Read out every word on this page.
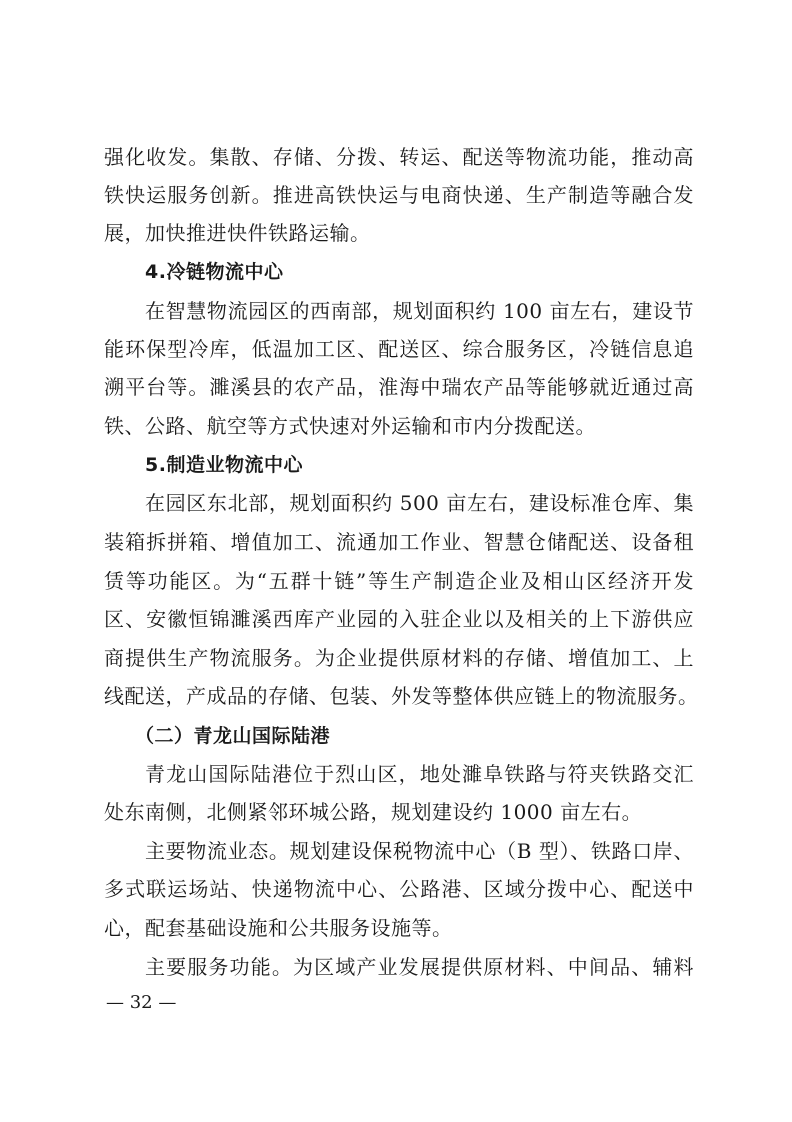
强化收发。集散、存储、分拨、转运、配送等物流功能，推动高
铁快运服务创新。推进高铁快运与电商快递、生产制造等融合发
展，加快推进快件铁路运输。
4.冷链物流中心
在智慧物流园区的西南部，规划面积约 100 亩左右，建设节
能环保型冷库，低温加工区、配送区、综合服务区，冷链信息追
溯平台等。濉溪县的农产品，淮海中瑞农产品等能够就近通过高
铁、公路、航空等方式快速对外运输和市内分拨配送。
5.制造业物流中心
在园区东北部，规划面积约 500 亩左右，建设标准仓库、集
装箱拆拼箱、增值加工、流通加工作业、智慧仓储配送、设备租
赁等功能区。为“五群十链”等生产制造企业及相山区经济开发
区、安徽恒锦濉溪西库产业园的入驻企业以及相关的上下游供应
商提供生产物流服务。为企业提供原材料的存储、增值加工、上
线配送，产成品的存储、包装、外发等整体供应链上的物流服务。
（二）青龙山国际陆港
青龙山国际陆港位于烈山区，地处濉阜铁路与符夹铁路交汇
处东南侧，北侧紧邻环城公路，规划建设约 1000 亩左右。
主要物流业态。规划建设保税物流中心（B 型）、铁路口岸、
多式联运场站、快递物流中心、公路港、区域分拨中心、配送中
心，配套基础设施和公共服务设施等。
主要服务功能。为区域产业发展提供原材料、中间品、辅料
— 32 —
